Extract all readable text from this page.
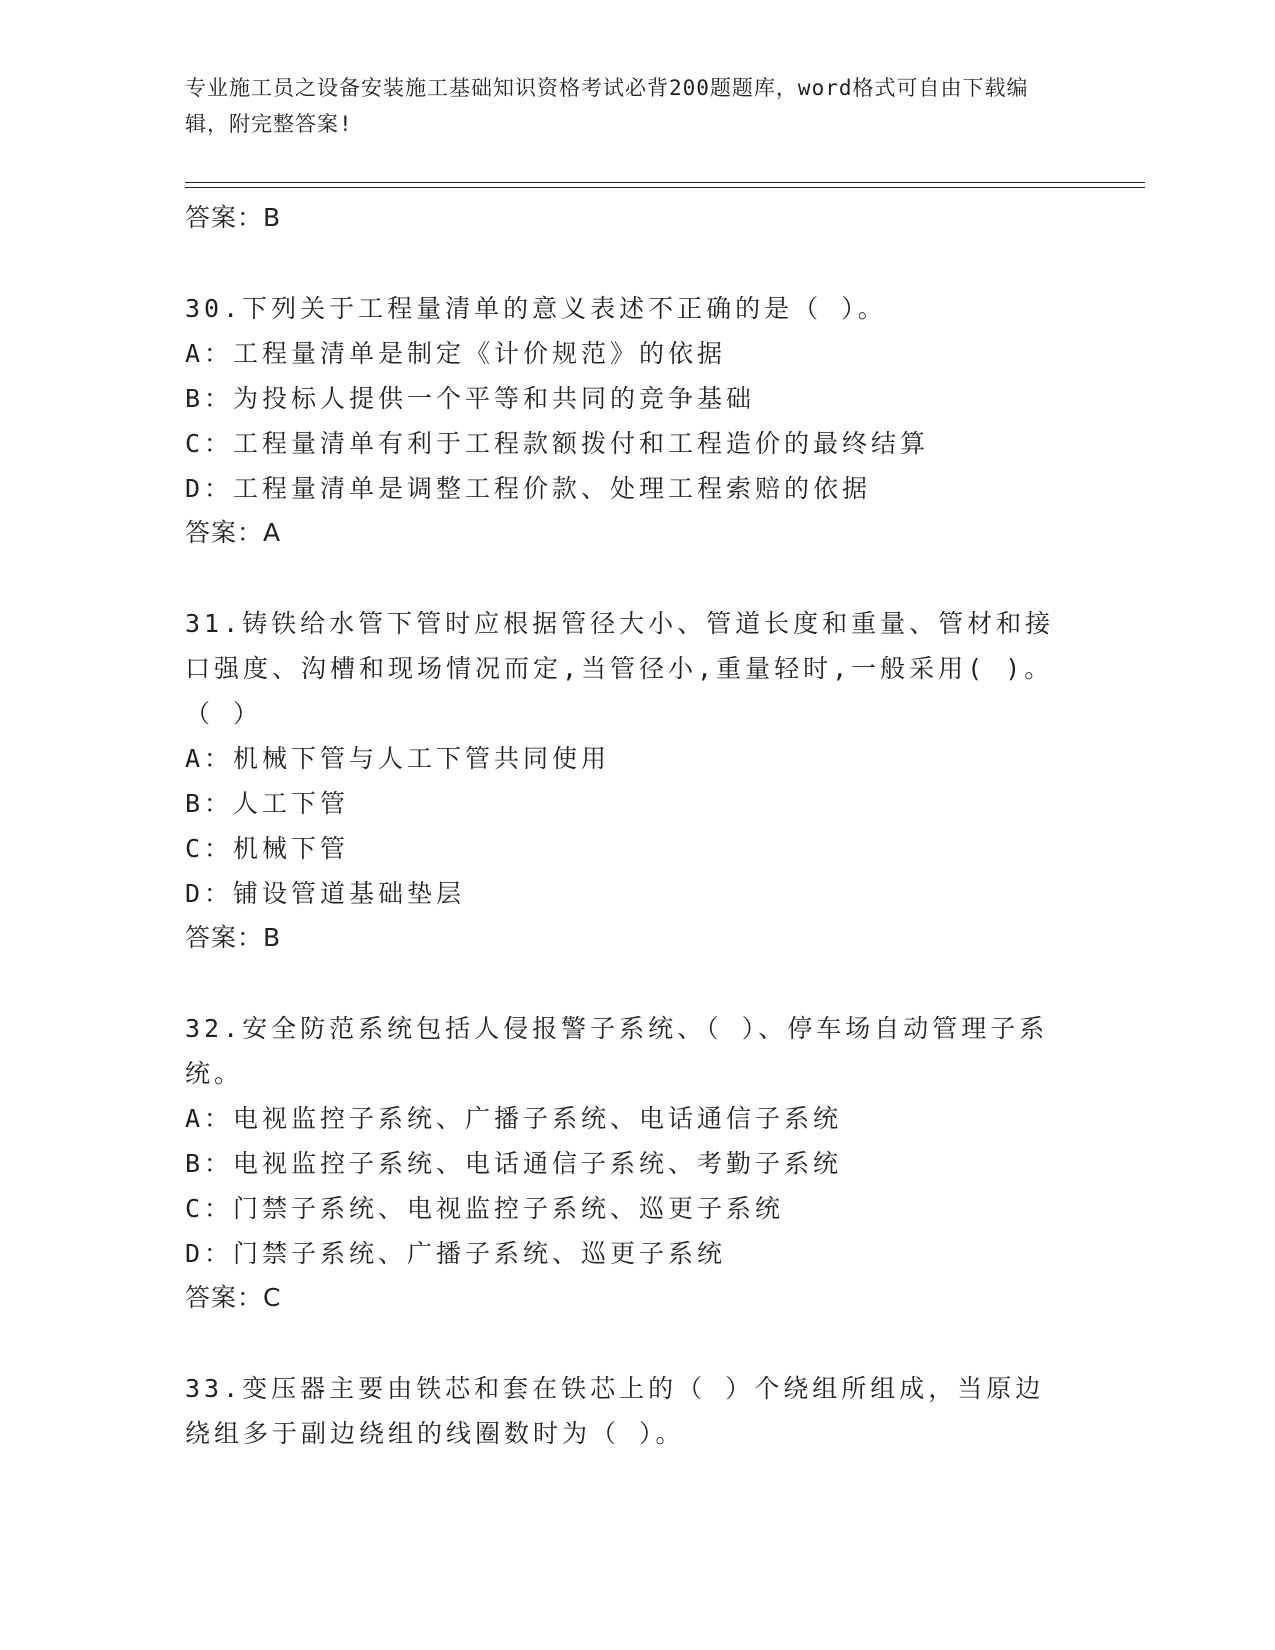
专业施工员之设备安装施工基础知识资格考试必背200题题库，word格式可自由下载编辑，附完整答案!
答案：B
30.下列关于工程量清单的意义表述不正确的是（ ）。
A：工程量清单是制定《计价规范》的依据
B：为投标人提供一个平等和共同的竞争基础
C：工程量清单有利于工程款额拨付和工程造价的最终结算
D：工程量清单是调整工程价款、处理工程索赔的依据
答案：A
31.铸铁给水管下管时应根据管径大小、管道长度和重量、管材和接口强度、沟槽和现场情况而定,当管径小,重量轻时,一般采用( )。（ ）
A：机械下管与人工下管共同使用
B：人工下管
C：机械下管
D：铺设管道基础垫层
答案：B
32.安全防范系统包括人侵报警子系统、（ ）、停车场自动管理子系统。
A：电视监控子系统、广播子系统、电话通信子系统
B：电视监控子系统、电话通信子系统、考勤子系统
C：门禁子系统、电视监控子系统、巡更子系统
D：门禁子系统、广播子系统、巡更子系统
答案：C
33.变压器主要由铁芯和套在铁芯上的（ ）个绕组所组成，当原边绕组多于副边绕组的线圈数时为（ ）。
